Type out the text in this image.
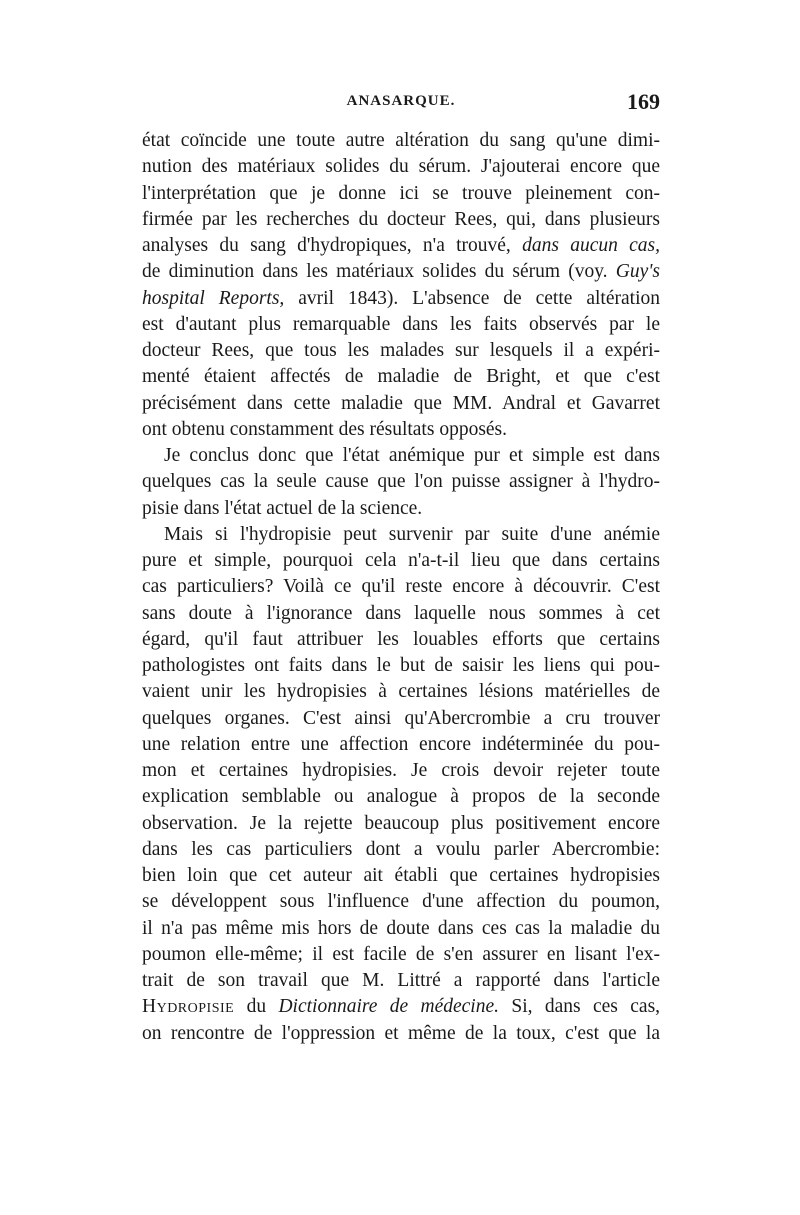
ANASARQUE.	169
état coïncide une toute autre altération du sang qu'une dimi-
nution des matériaux solides du sérum. J'ajouterai encore que
l'interprétation que je donne ici se trouve pleinement con-
firmée par les recherches du docteur Rees, qui, dans plusieurs
analyses du sang d'hydropiques, n'a trouvé, dans aucun cas,
de diminution dans les matériaux solides du sérum (voy. Guy's
hospital Reports, avril 1843). L'absence de cette altération
est d'autant plus remarquable dans les faits observés par le
docteur Rees, que tous les malades sur lesquels il a expéri-
menté étaient affectés de maladie de Bright, et que c'est
précisément dans cette maladie que MM. Andral et Gavarret
ont obtenu constamment des résultats opposés.
Je conclus donc que l'état anémique pur et simple est dans
quelques cas la seule cause que l'on puisse assigner à l'hydro-
pisie dans l'état actuel de la science.
Mais si l'hydropisie peut survenir par suite d'une anémie
pure et simple, pourquoi cela n'a-t-il lieu que dans certains
cas particuliers? Voilà ce qu'il reste encore à découvrir. C'est
sans doute à l'ignorance dans laquelle nous sommes à cet
égard, qu'il faut attribuer les louables efforts que certains
pathologistes ont faits dans le but de saisir les liens qui pou-
vaient unir les hydropisies à certaines lésions matérielles de
quelques organes. C'est ainsi qu'Abercrombie a cru trouver
une relation entre une affection encore indéterminée du pou-
mon et certaines hydropisies. Je crois devoir rejeter toute
explication semblable ou analogue à propos de la seconde
observation. Je la rejette beaucoup plus positivement encore
dans les cas particuliers dont a voulu parler Abercrombie:
bien loin que cet auteur ait établi que certaines hydropisies
se développent sous l'influence d'une affection du poumon,
il n'a pas même mis hors de doute dans ces cas la maladie du
poumon elle-même; il est facile de s'en assurer en lisant l'ex-
trait de son travail que M. Littré a rapporté dans l'article
Hydropisie du Dictionnaire de médecine. Si, dans ces cas,
on rencontre de l'oppression et même de la toux, c'est que la
